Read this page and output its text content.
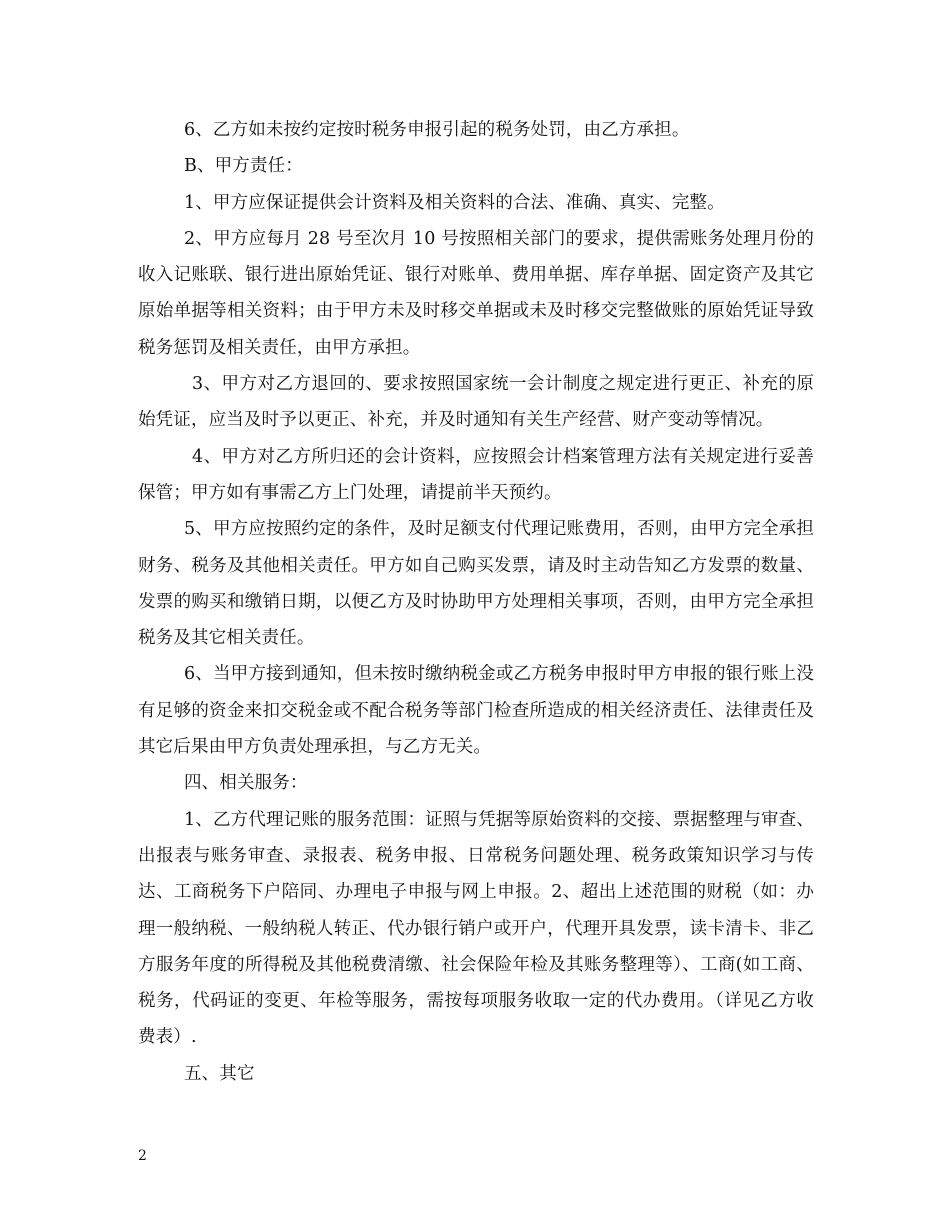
6、乙方如未按约定按时税务申报引起的税务处罚，由乙方承担。

B、甲方责任：

1、甲方应保证提供会计资料及相关资料的合法、准确、真实、完整。

2、甲方应每月 28 号至次月 10 号按照相关部门的要求，提供需账务处理月份的收入记账联、银行进出原始凭证、银行对账单、费用单据、库存单据、固定资产及其它原始单据等相关资料；由于甲方未及时移交单据或未及时移交完整做账的原始凭证导致税务惩罚及相关责任，由甲方承担。

3、甲方对乙方退回的、要求按照国家统一会计制度之规定进行更正、补充的原始凭证，应当及时予以更正、补充，并及时通知有关生产经营、财产变动等情况。

4、甲方对乙方所归还的会计资料，应按照会计档案管理方法有关规定进行妥善保管；甲方如有事需乙方上门处理，请提前半天预约。

5、甲方应按照约定的条件，及时足额支付代理记账费用，否则，由甲方完全承担财务、税务及其他相关责任。甲方如自己购买发票，请及时主动告知乙方发票的数量、发票的购买和缴销日期，以便乙方及时协助甲方处理相关事项，否则，由甲方完全承担税务及其它相关责任。

6、当甲方接到通知，但未按时缴纳税金或乙方税务申报时甲方申报的银行账上没有足够的资金来扣交税金或不配合税务等部门检查所造成的相关经济责任、法律责任及其它后果由甲方负责处理承担，与乙方无关。

四、相关服务：

1、乙方代理记账的服务范围：证照与凭据等原始资料的交接、票据整理与审查、出报表与账务审查、录报表、税务申报、日常税务问题处理、税务政策知识学习与传达、工商税务下户陪同、办理电子申报与网上申报。2、超出上述范围的财税（如：办理一般纳税、一般纳税人转正、代办银行销户或开户，代理开具发票，读卡清卡、非乙方服务年度的所得税及其他税费清缴、社会保险年检及其账务整理等）、工商(如工商、税务，代码证的变更、年检等服务，需按每项服务收取一定的代办费用。（详见乙方收费表）.

五、其它

2
